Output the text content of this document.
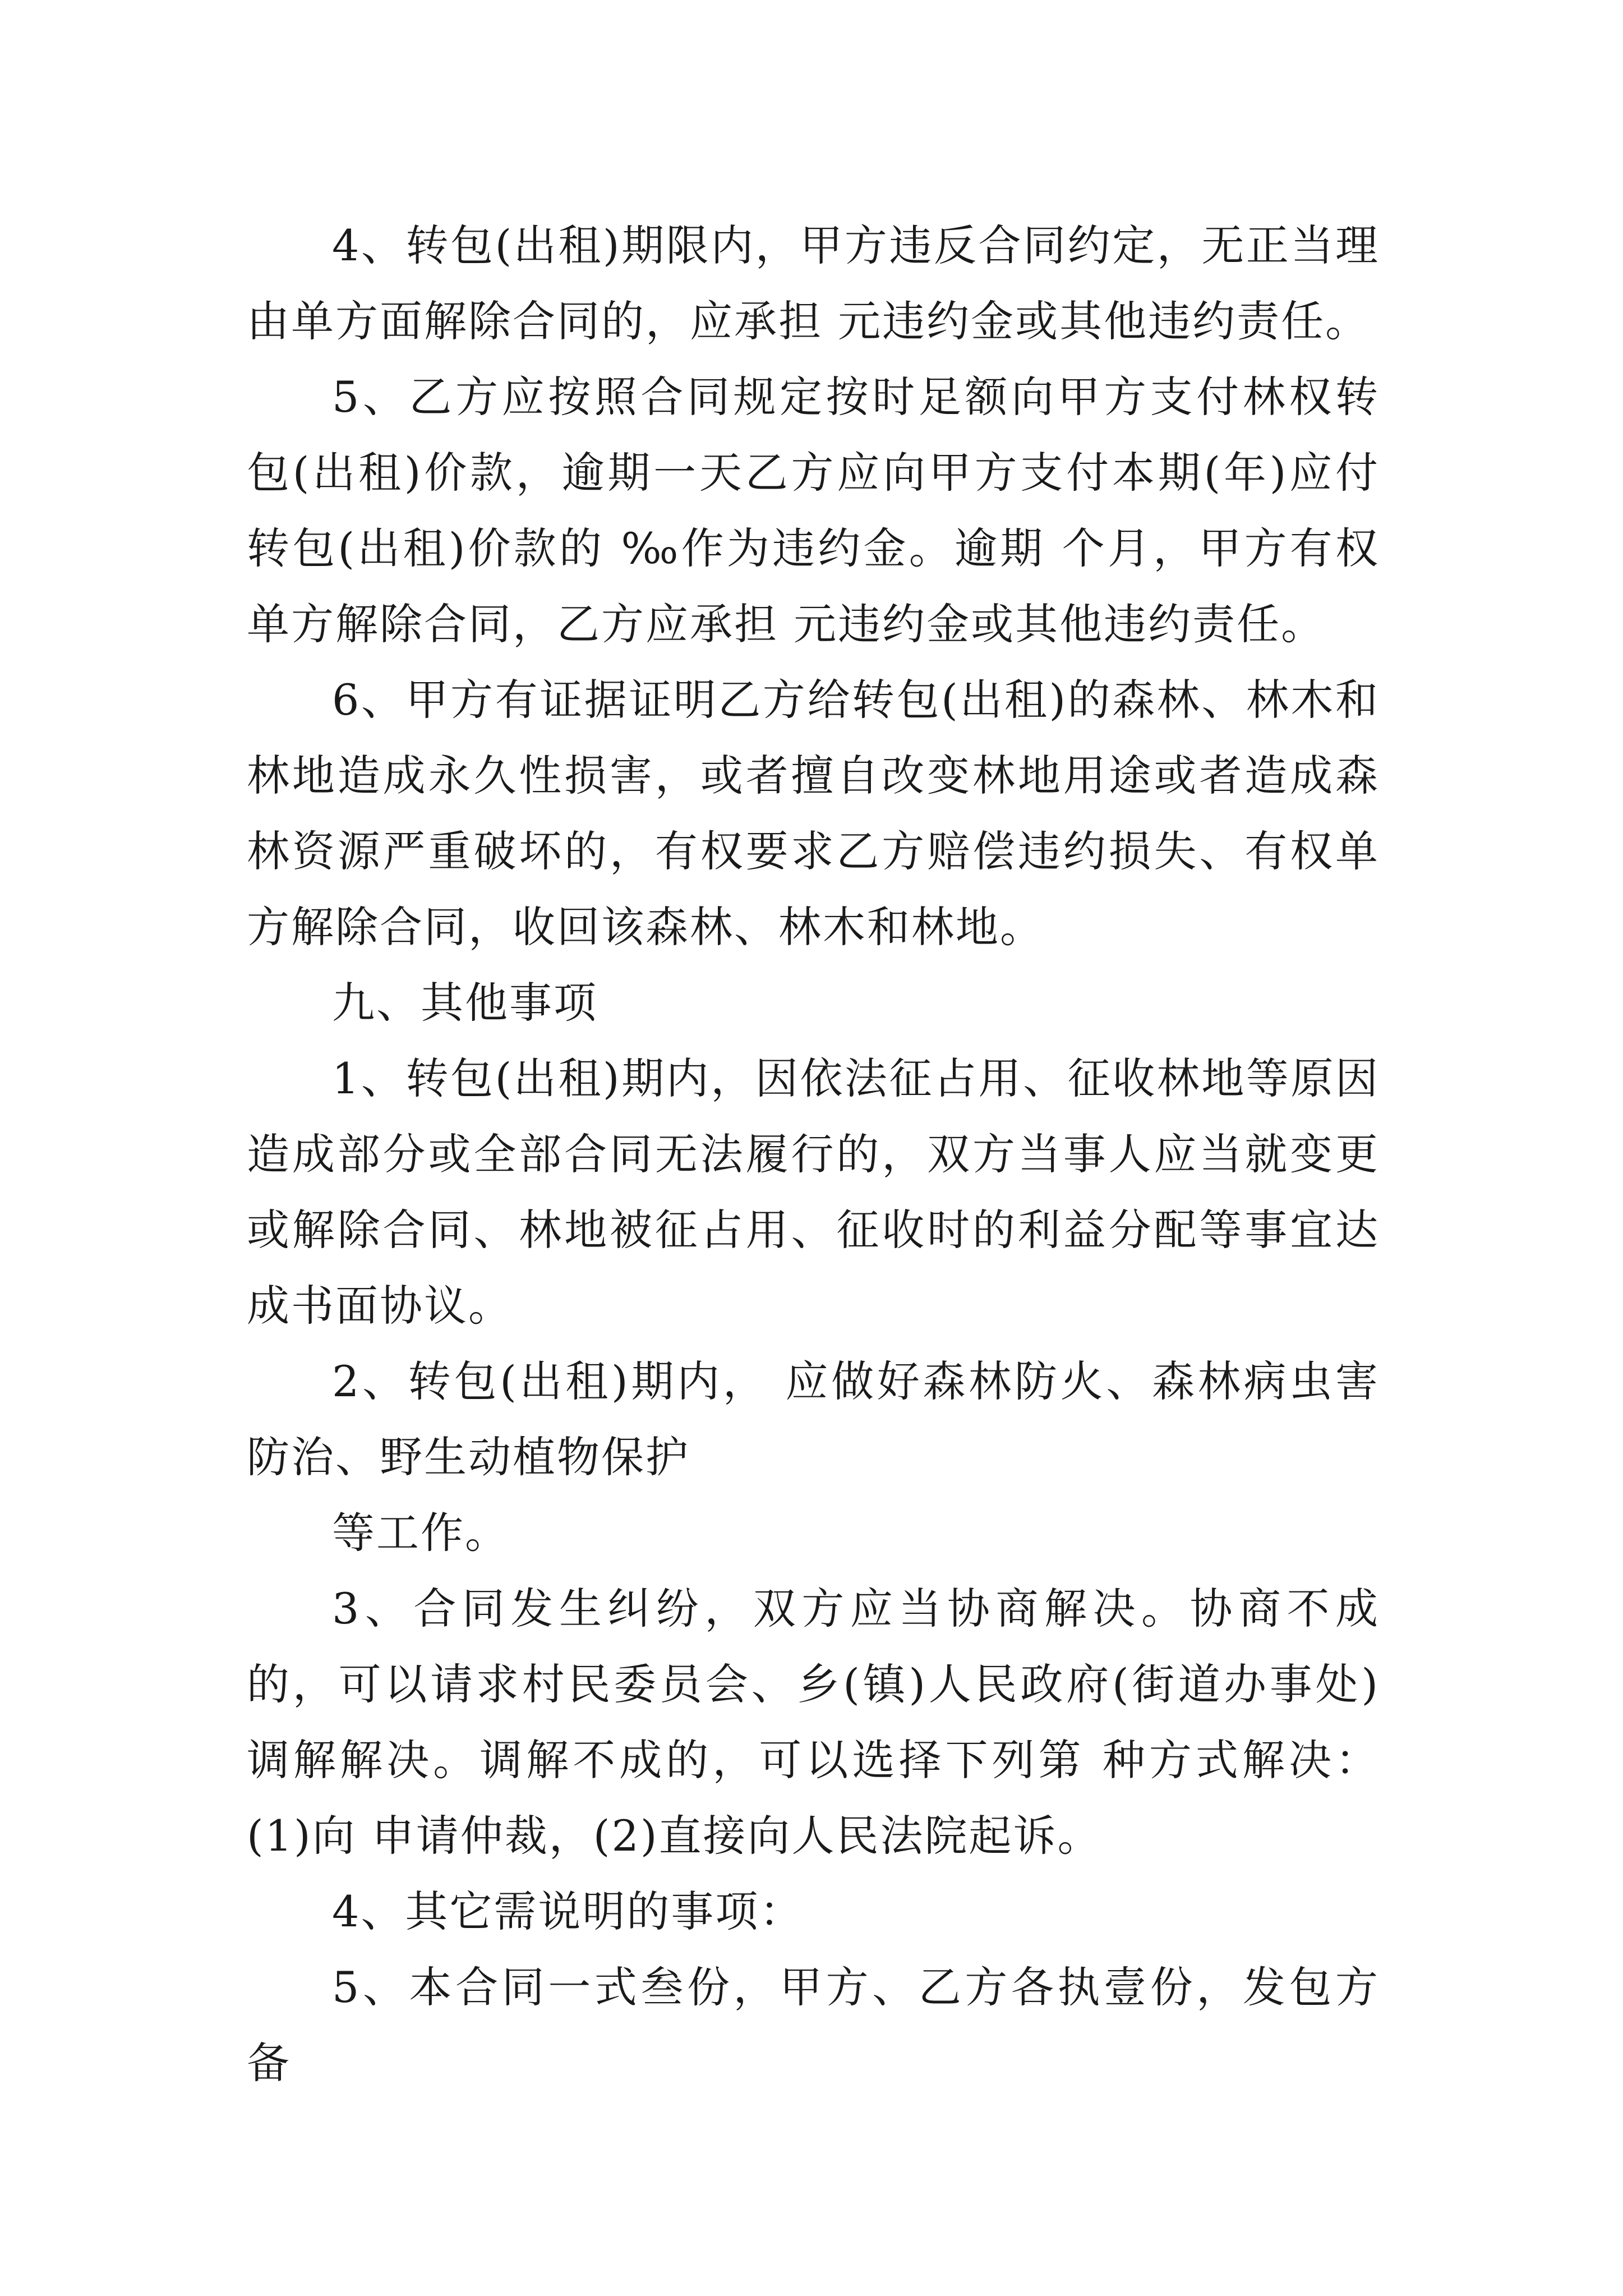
4、转包(出租)期限内，甲方违反合同约定，无正当理由单方面解除合同的，应承担 元违约金或其他违约责任。

5、乙方应按照合同规定按时足额向甲方支付林权转包(出租)价款，逾期一天乙方应向甲方支付本期(年)应付转包(出租)价款的 ‰作为违约金。逾期 个月，甲方有权单方解除合同，乙方应承担 元违约金或其他违约责任。

6、甲方有证据证明乙方给转包(出租)的森林、林木和林地造成永久性损害，或者擅自改变林地用途或者造成森林资源严重破坏的，有权要求乙方赔偿违约损失、有权单方解除合同，收回该森林、林木和林地。

九、其他事项

1、转包(出租)期内，因依法征占用、征收林地等原因造成部分或全部合同无法履行的，双方当事人应当就变更或解除合同、林地被征占用、征收时的利益分配等事宜达成书面协议。

2、转包(出租)期内， 应做好森林防火、森林病虫害防治、野生动植物保护

等工作。

3、合同发生纠纷，双方应当协商解决。协商不成的，可以请求村民委员会、乡(镇)人民政府(街道办事处)调解解决。调解不成的，可以选择下列第 种方式解决：(1)向 申请仲裁，(2)直接向人民法院起诉。

4、其它需说明的事项：

5、本合同一式叁份，甲方、乙方各执壹份，发包方备
